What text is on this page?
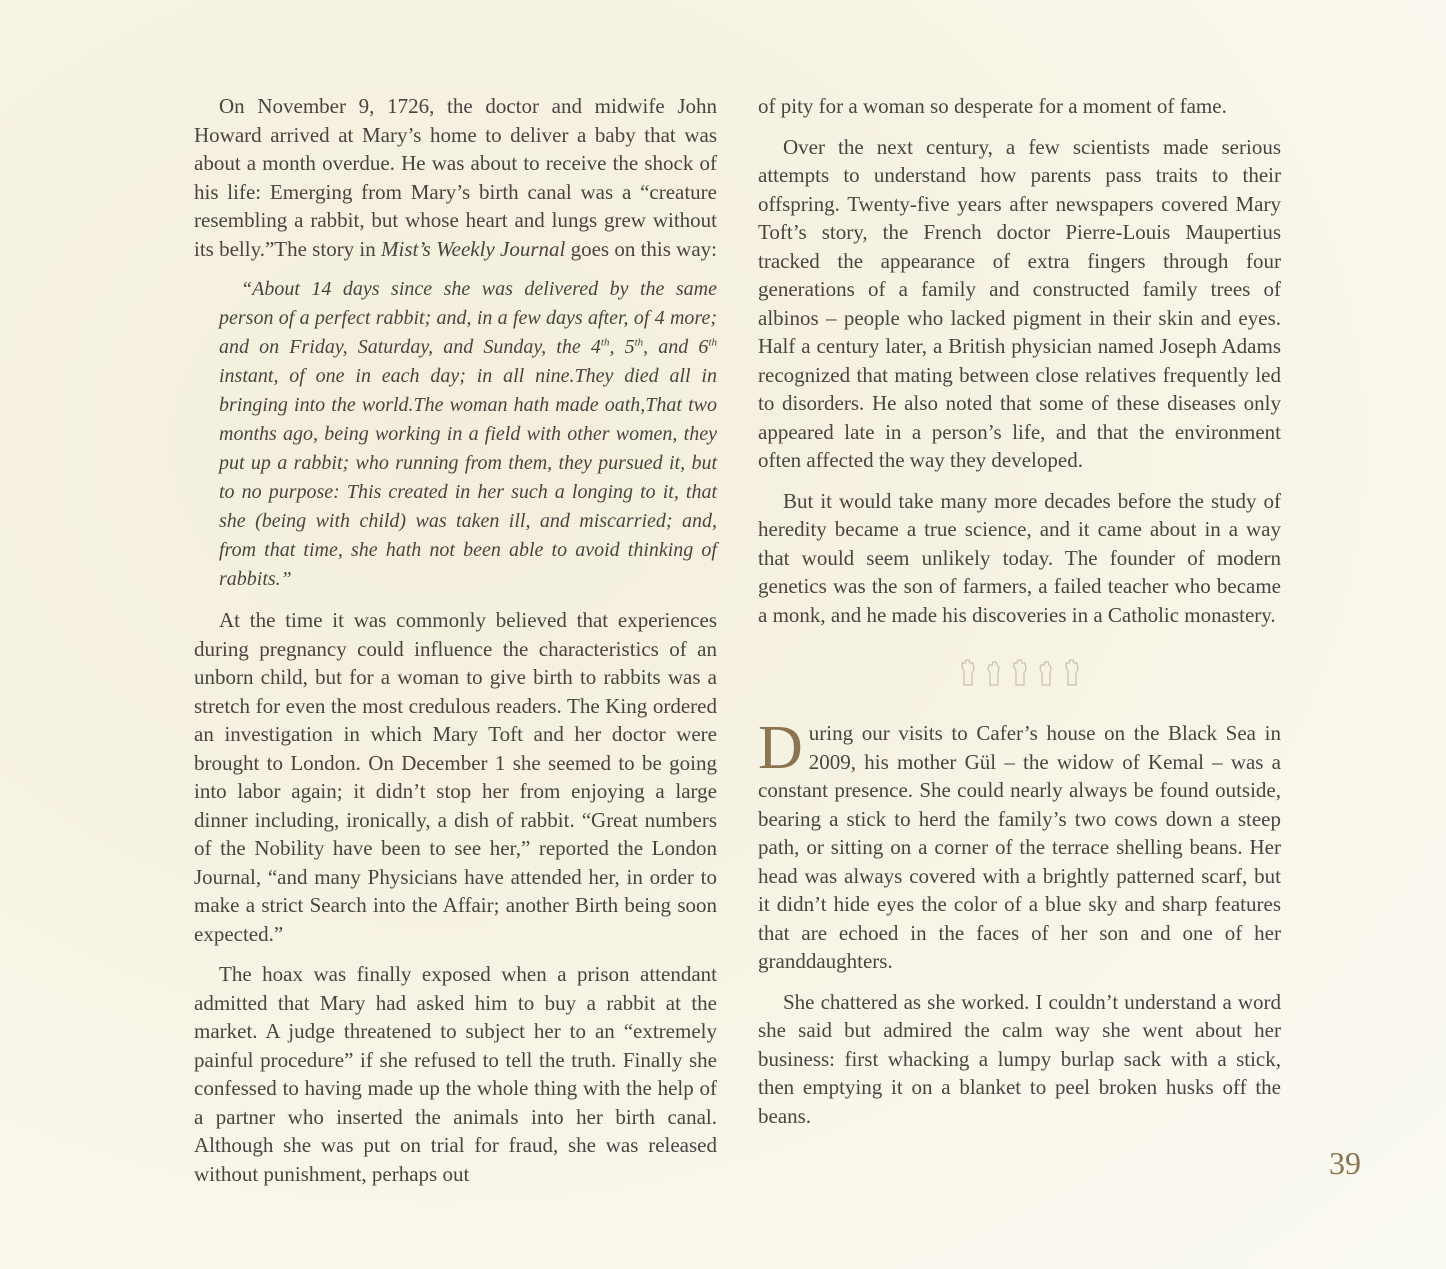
On November 9, 1726, the doctor and midwife John Howard arrived at Mary’s home to deliver a baby that was about a month overdue. He was about to receive the shock of his life: Emerging from Mary’s birth canal was a “creature resembling a rabbit, but whose heart and lungs grew without its belly.”The story in Mist’s Weekly Journal goes on this way:

“About 14 days since she was delivered by the same person of a perfect rabbit; and, in a few days after, of 4 more; and on Friday, Saturday, and Sunday, the 4th, 5th, and 6th instant, of one in each day; in all nine.They died all in bringing into the world.The woman hath made oath,That two months ago, being working in a field with other women, they put up a rabbit; who running from them, they pursued it, but to no purpose: This created in her such a longing to it, that she (being with child) was taken ill, and miscarried; and, from that time, she hath not been able to avoid thinking of rabbits.”

At the time it was commonly believed that experiences during pregnancy could influence the characteristics of an unborn child, but for a woman to give birth to rabbits was a stretch for even the most credulous readers. The King ordered an investigation in which Mary Toft and her doctor were brought to London. On December 1 she seemed to be going into labor again; it didn’t stop her from enjoying a large dinner including, ironically, a dish of rabbit. “Great numbers of the Nobility have been to see her,” reported the London Journal, “and many Physicians have attended her, in order to make a strict Search into the Affair; another Birth being soon expected.”

The hoax was finally exposed when a prison attendant admitted that Mary had asked him to buy a rabbit at the market. A judge threatened to subject her to an “extremely painful procedure” if she refused to tell the truth. Finally she confessed to having made up the whole thing with the help of a partner who inserted the animals into her birth canal. Although she was put on trial for fraud, she was released without punishment, perhaps out

of pity for a woman so desperate for a moment of fame.

Over the next century, a few scientists made serious attempts to understand how parents pass traits to their offspring. Twenty-five years after newspapers covered Mary Toft’s story, the French doctor Pierre-Louis Maupertius tracked the appearance of extra fingers through four generations of a family and constructed family trees of albinos – people who lacked pigment in their skin and eyes. Half a century later, a British physician named Joseph Adams recognized that mating between close relatives frequently led to disorders. He also noted that some of these diseases only appeared late in a person’s life, and that the environment often affected the way they developed.

But it would take many more decades before the study of heredity became a true science, and it came about in a way that would seem unlikely today. The founder of modern genetics was the son of farmers, a failed teacher who became a monk, and he made his discoveries in a Catholic monastery.

During our visits to Cafer’s house on the Black Sea in 2009, his mother Gül – the widow of Kemal – was a constant presence. She could nearly always be found outside, bearing a stick to herd the family’s two cows down a steep path, or sitting on a corner of the terrace shelling beans. Her head was always covered with a brightly patterned scarf, but it didn’t hide eyes the color of a blue sky and sharp features that are echoed in the faces of her son and one of her granddaughters.

She chattered as she worked. I couldn’t understand a word she said but admired the calm way she went about her business: first whacking a lumpy burlap sack with a stick, then emptying it on a blanket to peel broken husks off the beans.

39
